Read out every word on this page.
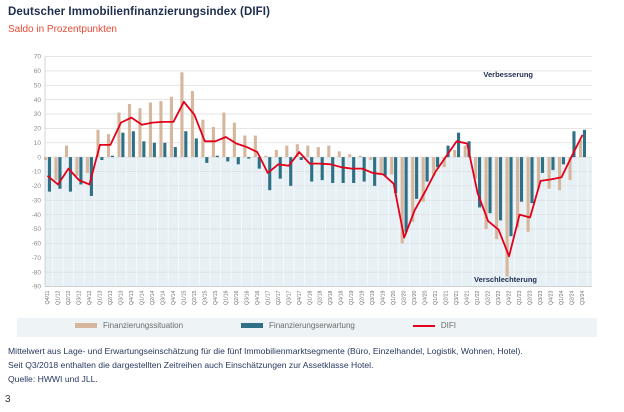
Deutscher Immobilienfinanzierungsindex (DIFI)
Saldo in Prozentpunkten
-90
-80
-70
-60
-50
-40
-30
-20
-10
0
10
20
30
40
50
60
70
Q4/11 Q1/12 Q2/12 Q3/12 Q4/12 Q1/13 Q2/13 Q3/13 Q4/13 Q1/14 Q2/14 Q3/14 Q4/14 Q1/15 Q2/15 Q3/15 Q4/15 Q1/16 Q2/16 Q3/16 Q4/16 Q1/17 Q2/17 Q3/17 Q4/17 Q1/18 Q2/18 Q3/18 Q4/18 Q1/19 Q2/19 Q3/19 Q4/19 Q1/20 Q2/20 Q3/20 Q4/20 Q1/21 Q2/21 Q3/21 Q4/21 Q1/22 Q2/22 Q3/22 Q4/22 Q1/23 Q2/23 Q3/23 Q4/23 Q1/24 Q2/24 Q3/24
Verbesserung
Verschlechterung
Finanzierungssituation	Finanzierungserwartung	DIFI
Mittelwert aus Lage- und Erwartungseinschätzung für die fünf Immobilienmarktsegmente (Büro, Einzelhandel, Logistik, Wohnen, Hotel).
Seit Q3/2018 enthalten die dargestellten Zeitreihen auch Einschätzungen zur Assetklasse Hotel.
Quelle: HWWI und JLL.
3
